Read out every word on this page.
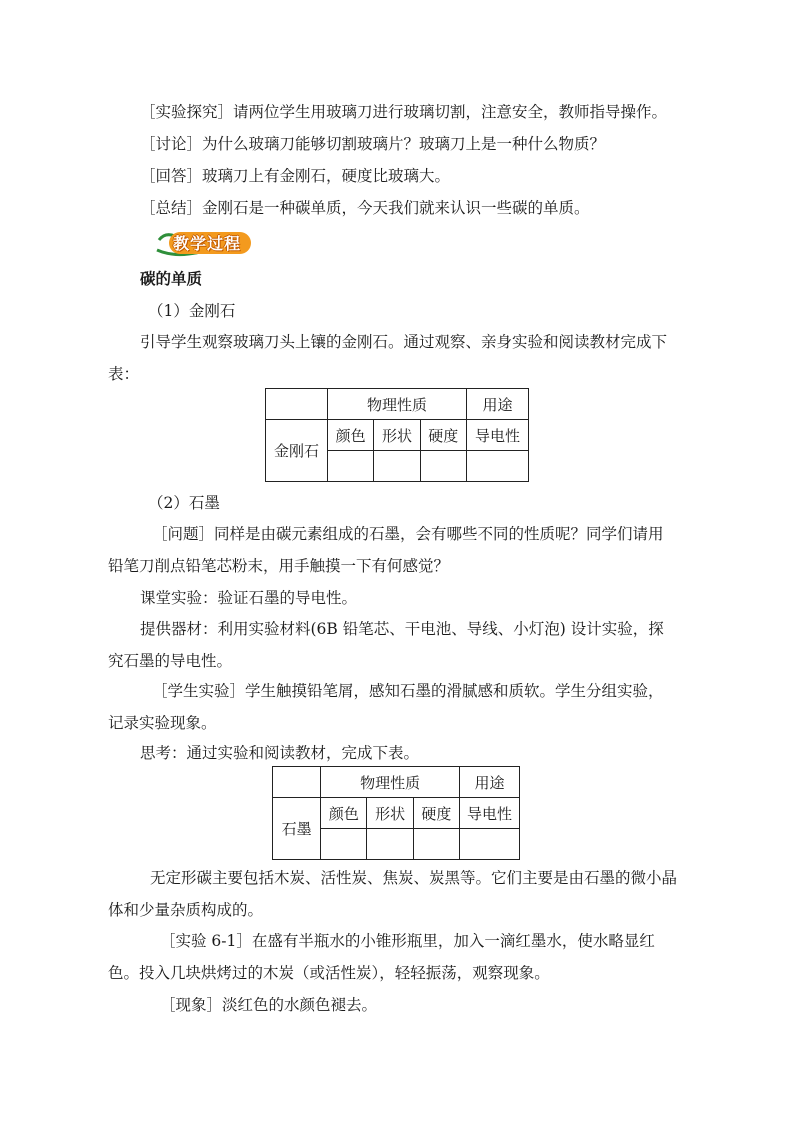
［实验探究］请两位学生用玻璃刀进行玻璃切割，注意安全，教师指导操作。
［讨论］为什么玻璃刀能够切割玻璃片？玻璃刀上是一种什么物质？
［回答］玻璃刀上有金刚石，硬度比玻璃大。
［总结］金刚石是一种碳单质，今天我们就来认识一些碳的单质。
教学过程
碳的单质
（1）金刚石
引导学生观察玻璃刀头上镶的金刚石。通过观察、亲身实验和阅读教材完成下表：
	物理性质			用途
金刚石	颜色	形状	硬度	导电性

（2）石墨
［问题］同样是由碳元素组成的石墨，会有哪些不同的性质呢？同学们请用铅笔刀削点铅笔芯粉末，用手触摸一下有何感觉？
课堂实验：验证石墨的导电性。
提供器材：利用实验材料(6B 铅笔芯、干电池、导线、小灯泡) 设计实验，探究石墨的导电性。
［学生实验］学生触摸铅笔屑，感知石墨的滑腻感和质软。学生分组实验，记录实验现象。
思考：通过实验和阅读教材，完成下表。
	物理性质			用途
石墨	颜色	形状	硬度	导电性

无定形碳主要包括木炭、活性炭、焦炭、炭黑等。它们主要是由石墨的微小晶体和少量杂质构成的。
［实验 6-1］在盛有半瓶水的小锥形瓶里，加入一滴红墨水，使水略显红色。投入几块烘烤过的木炭（或活性炭），轻轻振荡，观察现象。
［现象］淡红色的水颜色褪去。
